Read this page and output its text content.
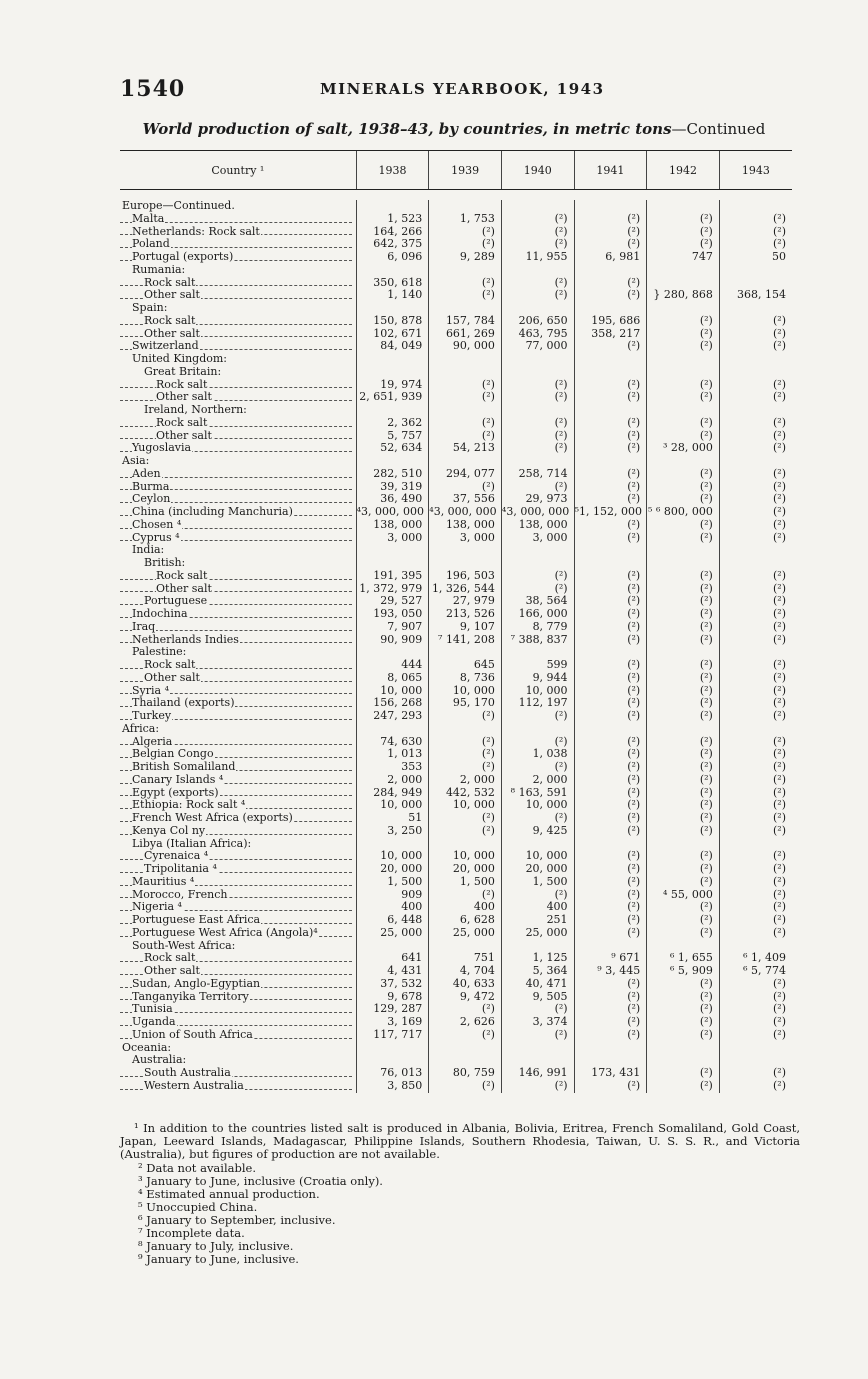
1540	MINERALS YEARBOOK, 1943
World production of salt, 1938–43, by countries, in metric tons—Continued
Country ¹	1938	1939	1940	1941	1942	1943

Europe—Continued.						
Malta	1, 523	1, 753	(²)	(²)	(²)	(²)
Netherlands: Rock salt	164, 266	(²)	(²)	(²)	(²)	(²)
Poland	642, 375	(²)	(²)	(²)	(²)	(²)
Portugal (exports)	6, 096	9, 289	11, 955	6, 981	747	50
Rumania:						
Rock salt	350, 618	(²)	(²)	(²)		
Other salt	1, 140	(²)	(²)	(²)	} 280, 868	368, 154
Spain:						
Rock salt	150, 878	157, 784	206, 650	195, 686	(²)	(²)
Other salt	102, 671	661, 269	463, 795	358, 217	(²)	(²)
Switzerland	84, 049	90, 000	77, 000	(²)	(²)	(²)
United Kingdom:						
Great Britain:						
Rock salt	19, 974	(²)	(²)	(²)	(²)	(²)
Other salt	2, 651, 939	(²)	(²)	(²)	(²)	(²)
Ireland, Northern:						
Rock salt	2, 362	(²)	(²)	(²)	(²)	(²)
Other salt	5, 757	(²)	(²)	(²)	(²)	(²)
Yugoslavia	52, 634	54, 213	(²)	(²)	³ 28, 000	(²)
Asia:						
Aden	282, 510	294, 077	258, 714	(²)	(²)	(²)
Burma	39, 319	(²)	(²)	(²)	(²)	(²)
Ceylon	36, 490	37, 556	29, 973	(²)	(²)	(²)
China (including Manchuria)	⁴3, 000, 000	⁴3, 000, 000	⁴3, 000, 000	⁵1, 152, 000	⁵ ⁶ 800, 000	(²)
Chosen ⁴	138, 000	138, 000	138, 000	(²)	(²)	(²)
Cyprus ⁴	3, 000	3, 000	3, 000	(²)	(²)	(²)
India:						
British:						
Rock salt	191, 395	196, 503	(²)	(²)	(²)	(²)
Other salt	1, 372, 979	1, 326, 544	(²)	(²)	(²)	(²)
Portuguese	29, 527	27, 979	38, 564	(²)	(²)	(²)
Indochina	193, 050	213, 526	166, 000	(²)	(²)	(²)
Iraq	7, 907	9, 107	8, 779	(²)	(²)	(²)
Netherlands Indies	90, 909	⁷ 141, 208	⁷ 388, 837	(²)	(²)	(²)
Palestine:						
Rock salt	444	645	599	(²)	(²)	(²)
Other salt	8, 065	8, 736	9, 944	(²)	(²)	(²)
Syria ⁴	10, 000	10, 000	10, 000	(²)	(²)	(²)
Thailand (exports)	156, 268	95, 170	112, 197	(²)	(²)	(²)
Turkey	247, 293	(²)	(²)	(²)	(²)	(²)
Africa:						
Algeria	74, 630	(²)	(²)	(²)	(²)	(²)
Belgian Congo	1, 013	(²)	1, 038	(²)	(²)	(²)
British Somaliland	353	(²)	(²)	(²)	(²)	(²)
Canary Islands ⁴	2, 000	2, 000	2, 000	(²)	(²)	(²)
Egypt (exports)	284, 949	442, 532	⁸ 163, 591	(²)	(²)	(²)
Ethiopia: Rock salt ⁴	10, 000	10, 000	10, 000	(²)	(²)	(²)
French West Africa (exports)	51	(²)	(²)	(²)	(²)	(²)
Kenya Col ny	3, 250	(²)	9, 425	(²)	(²)	(²)
Libya (Italian Africa):						
Cyrenaica ⁴	10, 000	10, 000	10, 000	(²)	(²)	(²)
Tripolitania ⁴	20, 000	20, 000	20, 000	(²)	(²)	(²)
Mauritius ⁴	1, 500	1, 500	1, 500	(²)	(²)	(²)
Morocco, French	909	(²)	(²)	(²)	⁴ 55, 000	(²)
Nigeria ⁴	400	400	400	(²)	(²)	(²)
Portuguese East Africa	6, 448	6, 628	251	(²)	(²)	(²)
Portuguese West Africa (Angola)⁴	25, 000	25, 000	25, 000	(²)	(²)	(²)
South-West Africa:						
Rock salt	641	751	1, 125	⁹ 671	⁶ 1, 655	⁶ 1, 409
Other salt	4, 431	4, 704	5, 364	⁹ 3, 445	⁶ 5, 909	⁶ 5, 774
Sudan, Anglo-Egyptian	37, 532	40, 633	40, 471	(²)	(²)	(²)
Tanganyika Territory	9, 678	9, 472	9, 505	(²)	(²)	(²)
Tunisia	129, 287	(²)	(²)	(²)	(²)	(²)
Uganda	3, 169	2, 626	3, 374	(²)	(²)	(²)
Union of South Africa	117, 717	(²)	(²)	(²)	(²)	(²)
Oceania:						
Australia:						
South Australia	76, 013	80, 759	146, 991	173, 431	(²)	(²)
Western Australia	3, 850	(²)	(²)	(²)	(²)	(²)
¹ In addition to the countries listed salt is produced in Albania, Bolivia, Eritrea, French Somaliland, Gold Coast, Japan, Leeward Islands, Madagascar, Philippine Islands, Southern Rhodesia, Taiwan, U. S. S. R., and Victoria (Australia), but figures of production are not available.
² Data not available.
³ January to June, inclusive (Croatia only).
⁴ Estimated annual production.
⁵ Unoccupied China.
⁶ January to September, inclusive.
⁷ Incomplete data.
⁸ January to July, inclusive.
⁹ January to June, inclusive.
